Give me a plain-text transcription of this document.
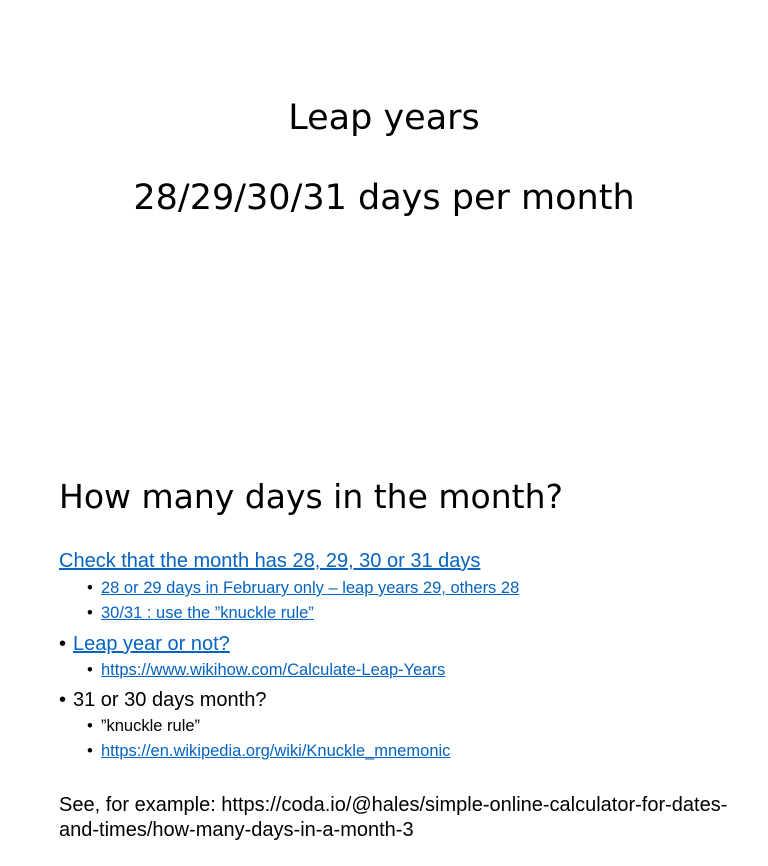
Leap years
28/29/30/31 days per month
How many days in the month?
Check that the month has 28, 29, 30 or 31 days
• 28 or 29 days in February only – leap years 29, others 28
• 30/31 : use the ”knuckle rule”
• Leap year or not?
• https://www.wikihow.com/Calculate-Leap-Years
• 31 or 30 days month?
• ”knuckle rule”
• https://en.wikipedia.org/wiki/Knuckle_mnemonic

See, for example: https://coda.io/@hales/simple-online-calculator-for-dates-and-times/how-many-days-in-a-month-3
